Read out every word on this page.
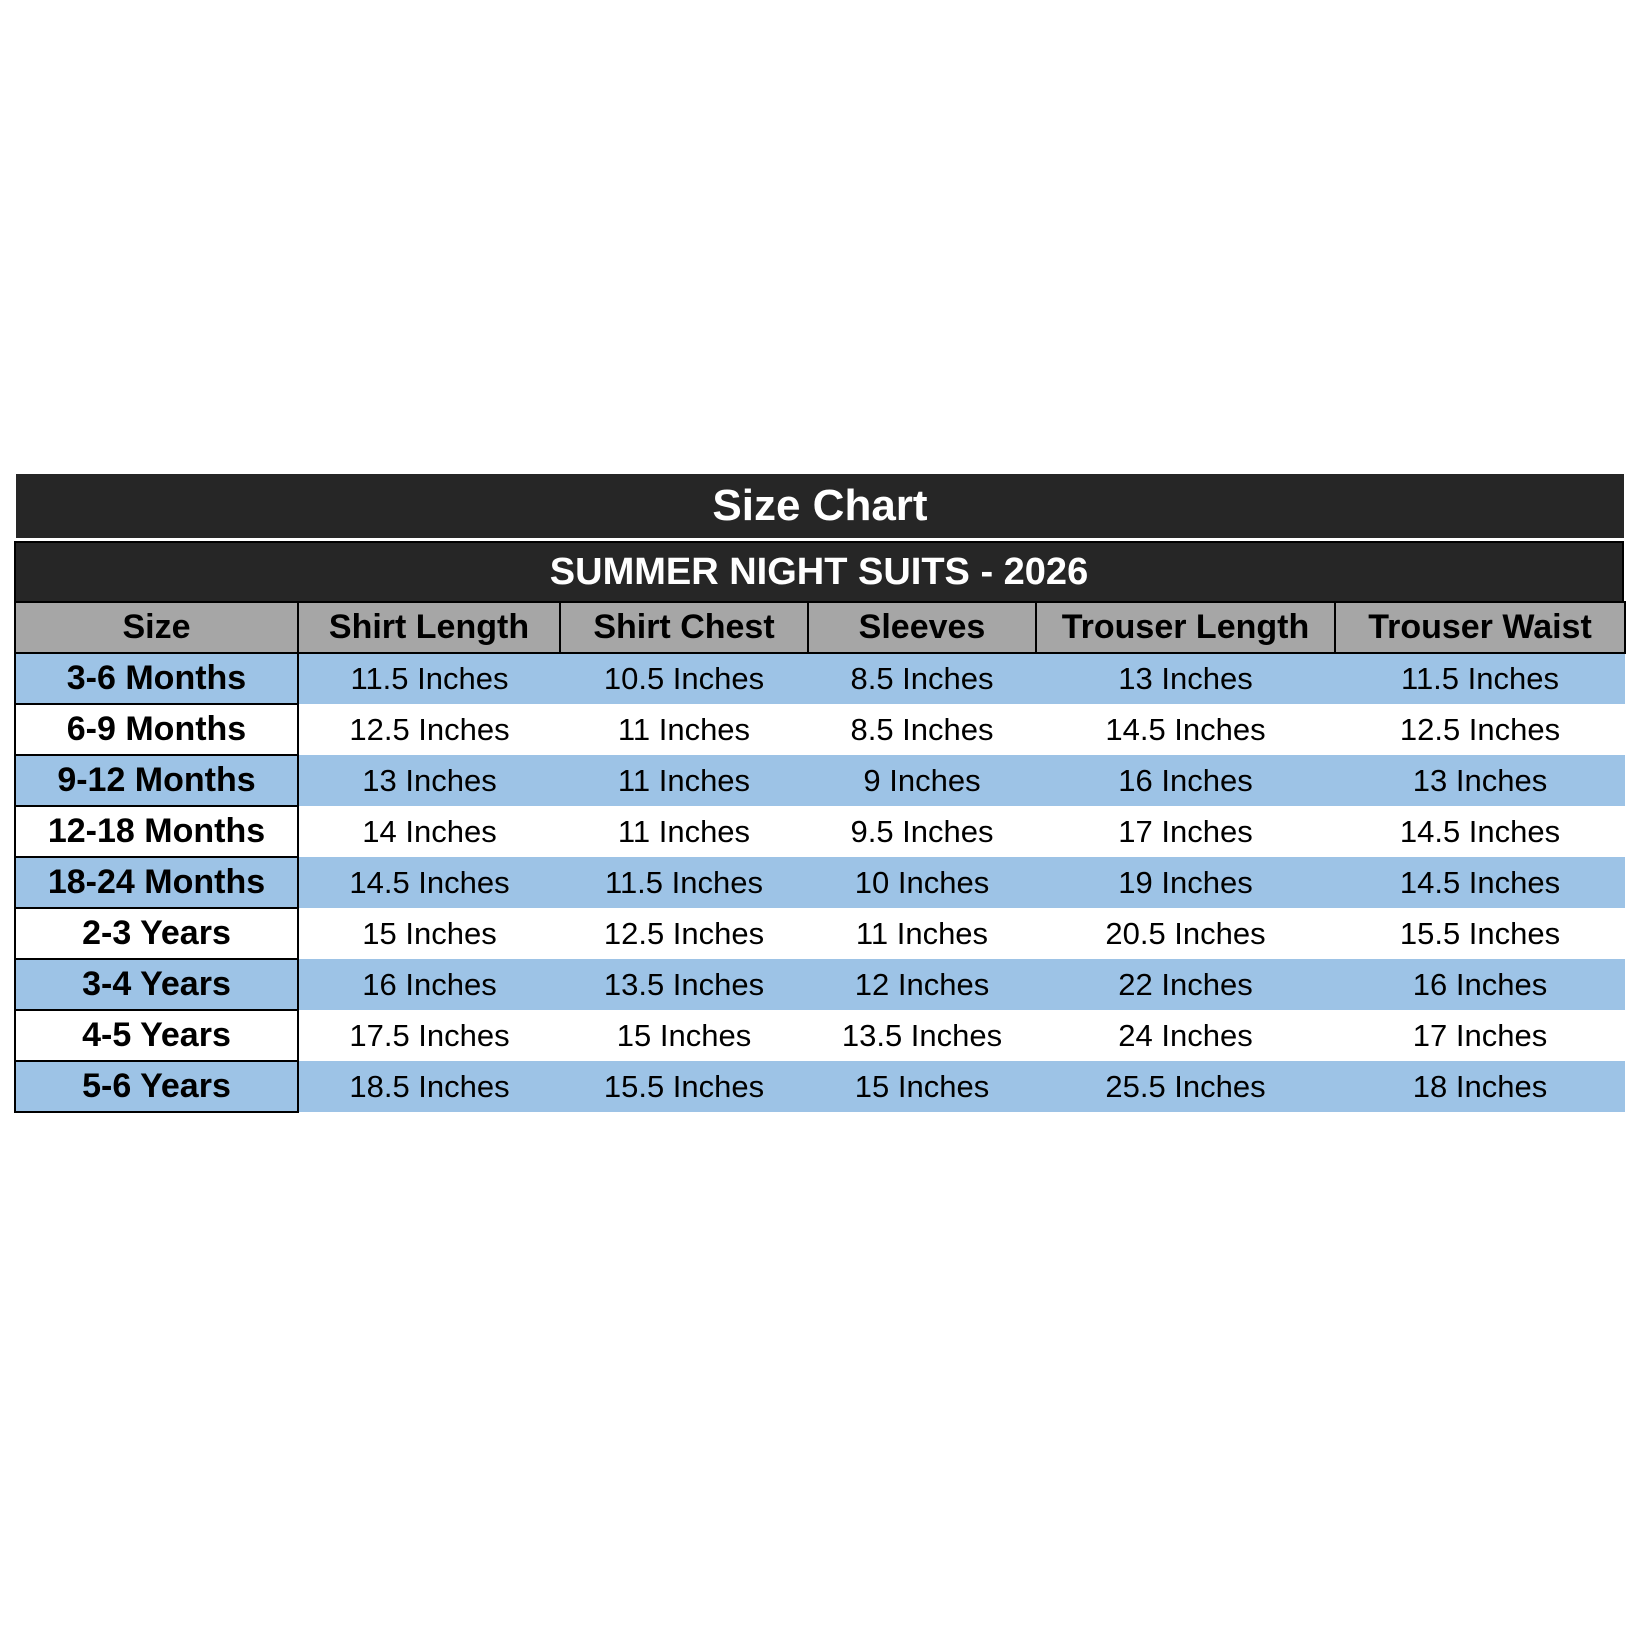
Size Chart
SUMMER NIGHT SUITS - 2026
Size	Shirt Length	Shirt Chest	Sleeves	Trouser Length	Trouser Waist
3-6 Months	11.5 Inches	10.5 Inches	8.5 Inches	13 Inches	11.5 Inches
6-9 Months	12.5 Inches	11 Inches	8.5 Inches	14.5 Inches	12.5 Inches
9-12 Months	13 Inches	11 Inches	9 Inches	16 Inches	13 Inches
12-18 Months	14 Inches	11 Inches	9.5 Inches	17 Inches	14.5 Inches
18-24 Months	14.5 Inches	11.5 Inches	10 Inches	19 Inches	14.5 Inches
2-3 Years	15 Inches	12.5 Inches	11 Inches	20.5 Inches	15.5 Inches
3-4 Years	16 Inches	13.5 Inches	12 Inches	22 Inches	16 Inches
4-5 Years	17.5 Inches	15 Inches	13.5 Inches	24 Inches	17 Inches
5-6 Years	18.5 Inches	15.5 Inches	15 Inches	25.5 Inches	18 Inches
